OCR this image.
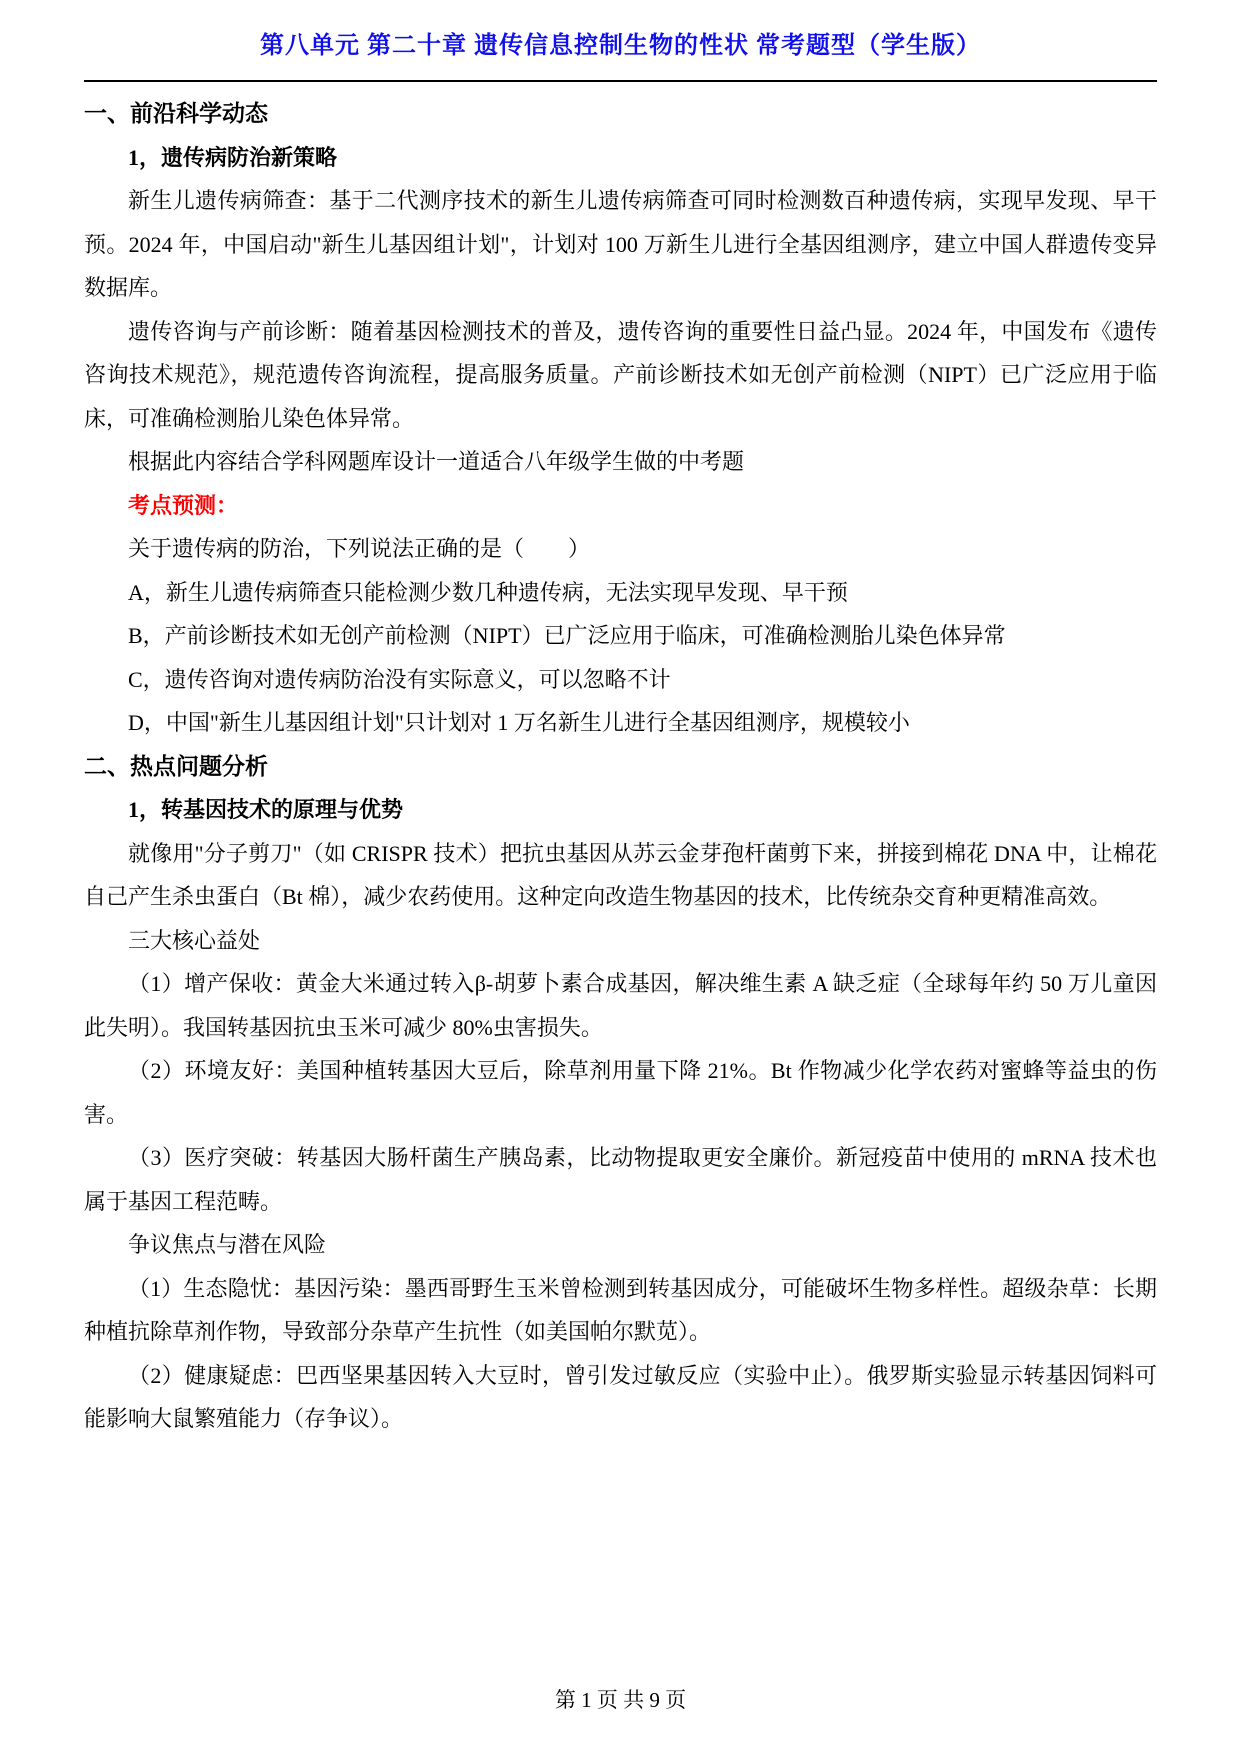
第八单元 第二十章 遗传信息控制生物的性状 常考题型（学生版）
一、前沿科学动态
1，遗传病防治新策略
新生儿遗传病筛查：基于二代测序技术的新生儿遗传病筛查可同时检测数百种遗传病，实现早发现、早干预。2024 年，中国启动"新生儿基因组计划"，计划对 100 万新生儿进行全基因组测序，建立中国人群遗传变异数据库。
遗传咨询与产前诊断：随着基因检测技术的普及，遗传咨询的重要性日益凸显。2024 年，中国发布《遗传咨询技术规范》，规范遗传咨询流程，提高服务质量。产前诊断技术如无创产前检测（NIPT）已广泛应用于临床，可准确检测胎儿染色体异常。
根据此内容结合学科网题库设计一道适合八年级学生做的中考题
考点预测：
关于遗传病的防治，下列说法正确的是（　　）
A，新生儿遗传病筛查只能检测少数几种遗传病，无法实现早发现、早干预
B，产前诊断技术如无创产前检测（NIPT）已广泛应用于临床，可准确检测胎儿染色体异常
C，遗传咨询对遗传病防治没有实际意义，可以忽略不计
D，中国"新生儿基因组计划"只计划对 1 万名新生儿进行全基因组测序，规模较小
二、热点问题分析
1，转基因技术的原理与优势
就像用"分子剪刀"（如 CRISPR 技术）把抗虫基因从苏云金芽孢杆菌剪下来，拼接到棉花 DNA 中，让棉花自己产生杀虫蛋白（Bt 棉），减少农药使用。这种定向改造生物基因的技术，比传统杂交育种更精准高效。
三大核心益处
（1）增产保收：黄金大米通过转入β-胡萝卜素合成基因，解决维生素 A 缺乏症（全球每年约 50 万儿童因此失明）。我国转基因抗虫玉米可减少 80%虫害损失。
（2）环境友好：美国种植转基因大豆后，除草剂用量下降 21%。Bt 作物减少化学农药对蜜蜂等益虫的伤害。
（3）医疗突破：转基因大肠杆菌生产胰岛素，比动物提取更安全廉价。新冠疫苗中使用的 mRNA 技术也属于基因工程范畴。
争议焦点与潜在风险
（1）生态隐忧：基因污染：墨西哥野生玉米曾检测到转基因成分，可能破坏生物多样性。超级杂草：长期种植抗除草剂作物，导致部分杂草产生抗性（如美国帕尔默苋）。
（2）健康疑虑：巴西坚果基因转入大豆时，曾引发过敏反应（实验中止）。俄罗斯实验显示转基因饲料可能影响大鼠繁殖能力（存争议）。
第 1 页 共 9 页
